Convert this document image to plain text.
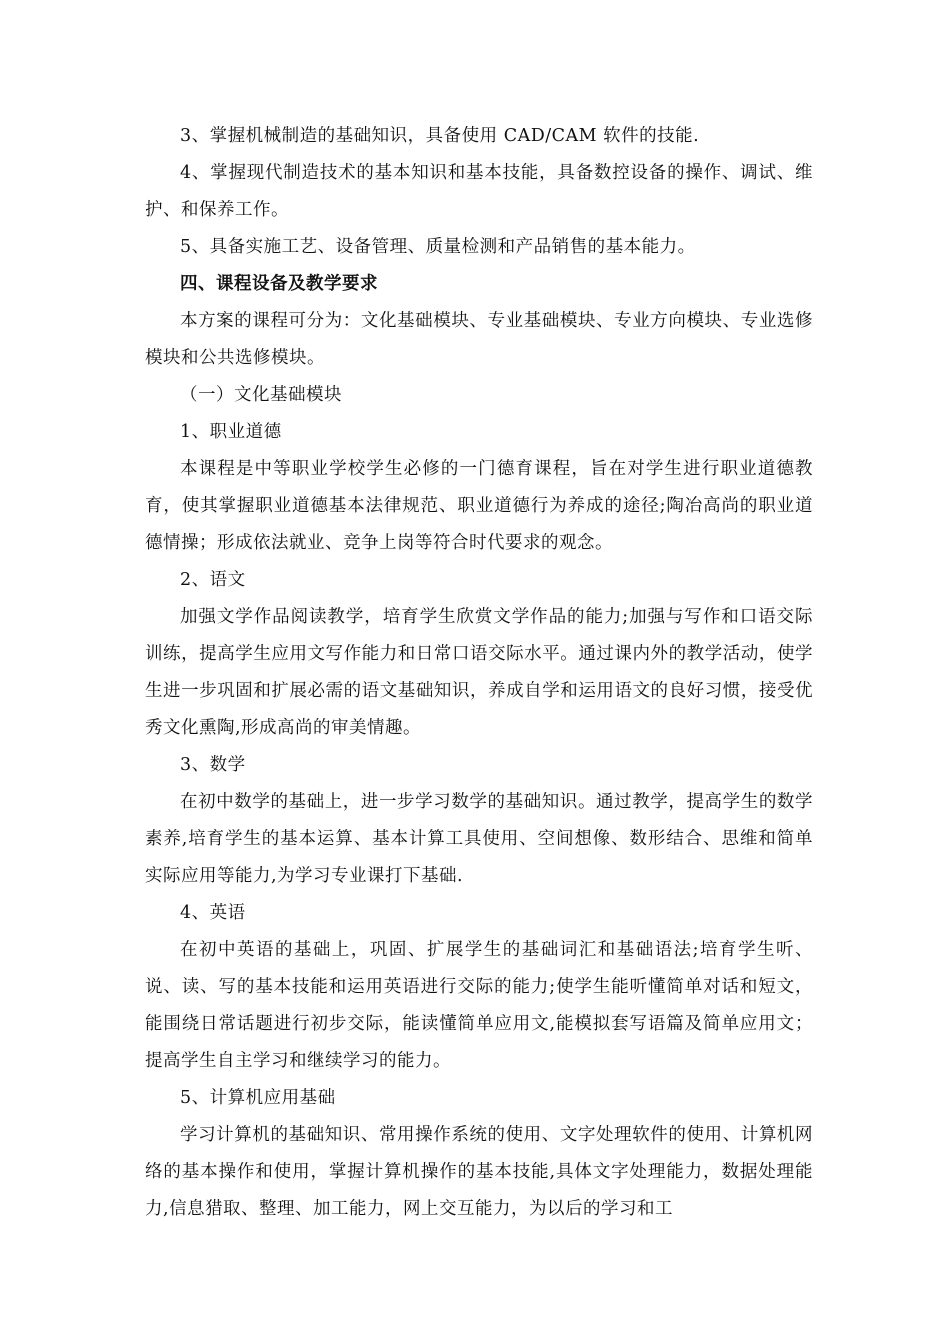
3、掌握机械制造的基础知识，具备使用 CAD/CAM 软件的技能.

4、掌握现代制造技术的基本知识和基本技能，具备数控设备的操作、调试、维护、和保养工作。

5、具备实施工艺、设备管理、质量检测和产品销售的基本能力。

四、课程设备及教学要求

本方案的课程可分为：文化基础模块、专业基础模块、专业方向模块、专业选修模块和公共选修模块。

（一）文化基础模块

1、职业道德

本课程是中等职业学校学生必修的一门德育课程，旨在对学生进行职业道德教育，使其掌握职业道德基本法律规范、职业道德行为养成的途径;陶冶高尚的职业道德情操；形成依法就业、竞争上岗等符合时代要求的观念。

2、语文

加强文学作品阅读教学，培育学生欣赏文学作品的能力;加强与写作和口语交际训练，提高学生应用文写作能力和日常口语交际水平。通过课内外的教学活动，使学生进一步巩固和扩展必需的语文基础知识，养成自学和运用语文的良好习惯，接受优秀文化熏陶,形成高尚的审美情趣。

3、数学

在初中数学的基础上，进一步学习数学的基础知识。通过教学，提高学生的数学素养,培育学生的基本运算、基本计算工具使用、空间想像、数形结合、思维和简单实际应用等能力,为学习专业课打下基础.

4、英语

在初中英语的基础上，巩固、扩展学生的基础词汇和基础语法;培育学生听、说、读、写的基本技能和运用英语进行交际的能力;使学生能听懂简单对话和短文，能围绕日常话题进行初步交际，能读懂简单应用文,能模拟套写语篇及简单应用文；提高学生自主学习和继续学习的能力。

5、计算机应用基础

学习计算机的基础知识、常用操作系统的使用、文字处理软件的使用、计算机网络的基本操作和使用，掌握计算机操作的基本技能,具体文字处理能力，数据处理能力,信息猎取、整理、加工能力，网上交互能力，为以后的学习和工
